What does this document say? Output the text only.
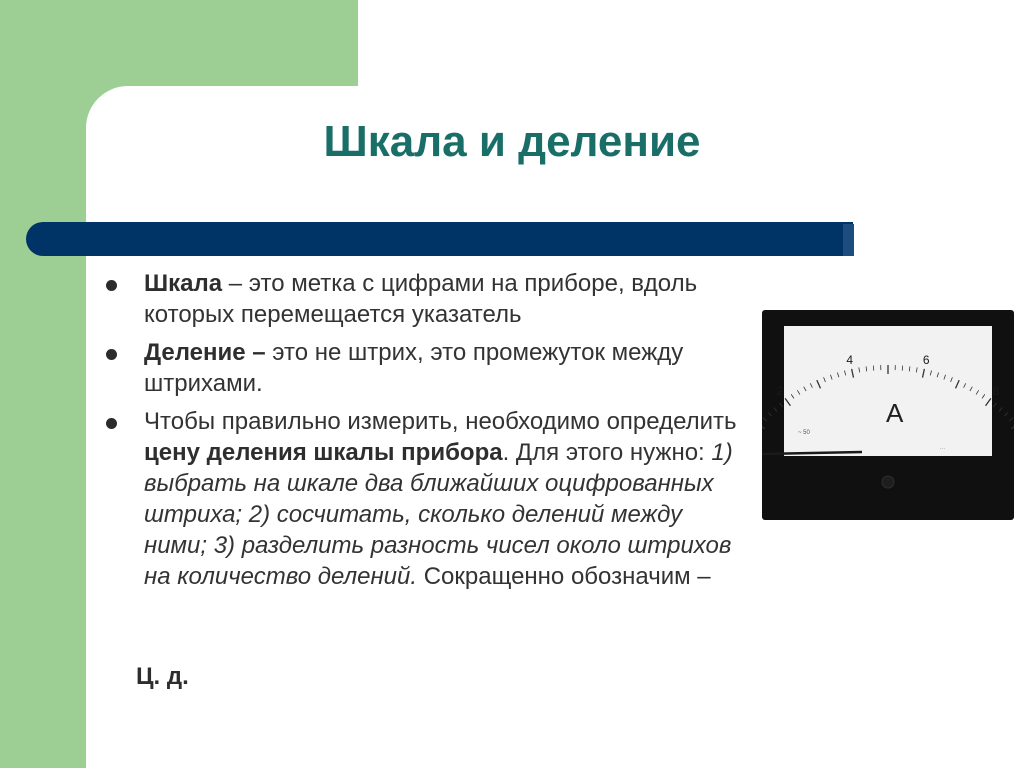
Шкала и деление
Шкала – это метка с цифрами на приборе, вдоль которых перемещается указатель
Деление – это не штрих, это промежуток между штрихами.
Чтобы правильно измерить, необходимо определить цену деления шкалы прибора. Для этого нужно: 1) выбрать на шкале два ближайших оцифрованных штриха; 2) сосчитать, сколько делений между ними; 3) разделить разность чисел около штрихов на количество делений. Сокращенно обозначим –
Ц. д.
2
4	6
8
A
~ 50
···
